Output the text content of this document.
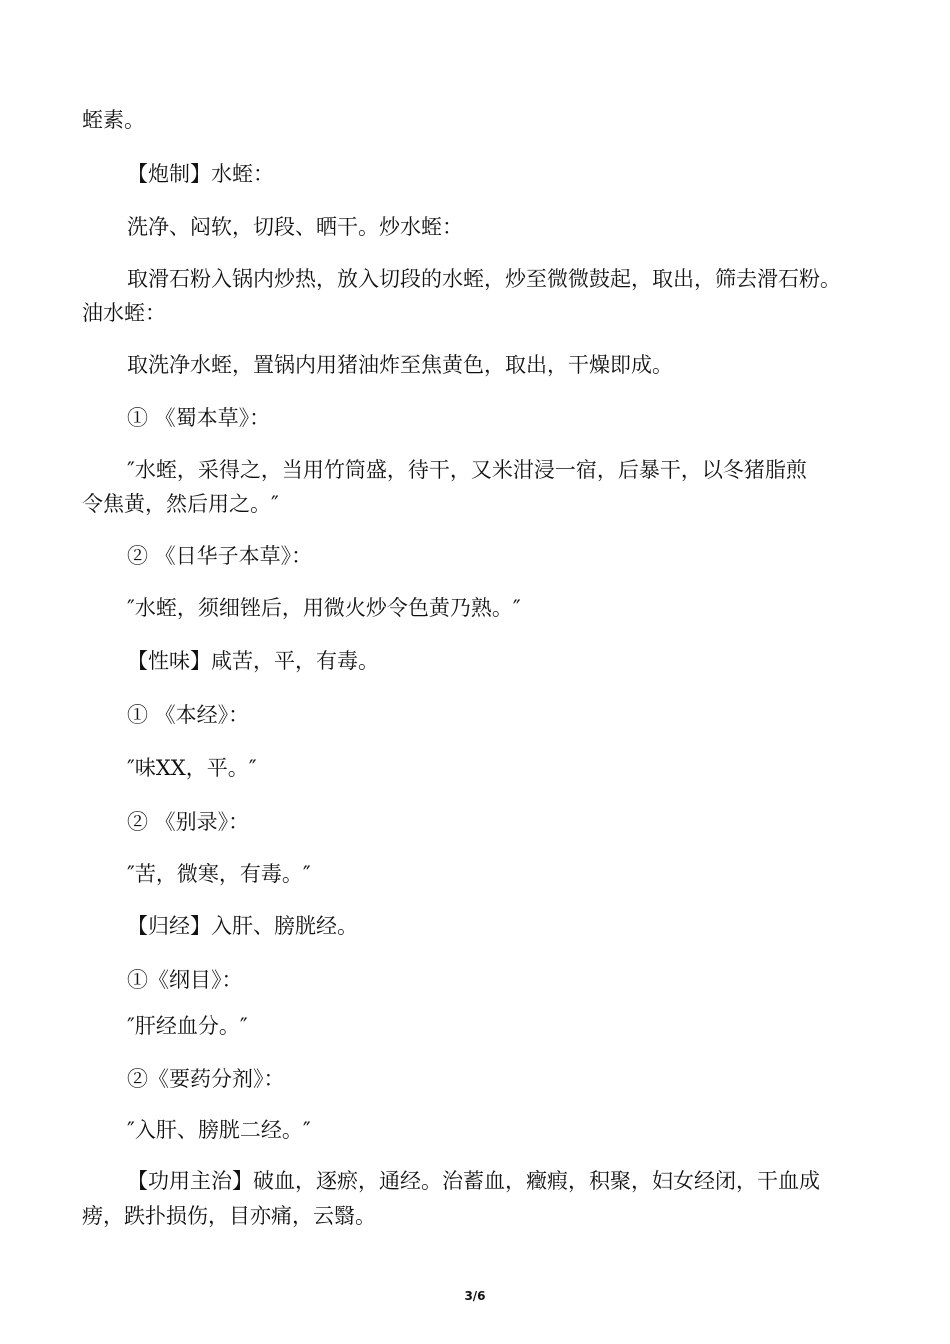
蛭素。
【炮制】水蛭：
洗净、闷软，切段、晒干。炒水蛭：
取滑石粉入锅内炒热，放入切段的水蛭，炒至微微鼓起，取出，筛去滑石粉。
油水蛭：
取洗净水蛭，置锅内用猪油炸至焦黄色，取出，干燥即成。
① 《蜀本草》：
″水蛭，采得之，当用竹筒盛，待干，又米泔浸一宿，后暴干，以冬猪脂煎
令焦黄，然后用之。″
② 《日华子本草》：
″水蛭，须细锉后，用微火炒令色黄乃熟。″
【性味】咸苦，平，有毒。
① 《本经》：
″味XX，平。″
② 《别录》：
″苦，微寒，有毒。″
【归经】入肝、膀胱经。
①《纲目》：
″肝经血分。″
②《要药分剂》：
″入肝、膀胱二经。″
【功用主治】破血，逐瘀，通经。治蓄血，癥瘕，积聚，妇女经闭，干血成
痨，跌扑损伤，目亦痛，云翳。
3/6
